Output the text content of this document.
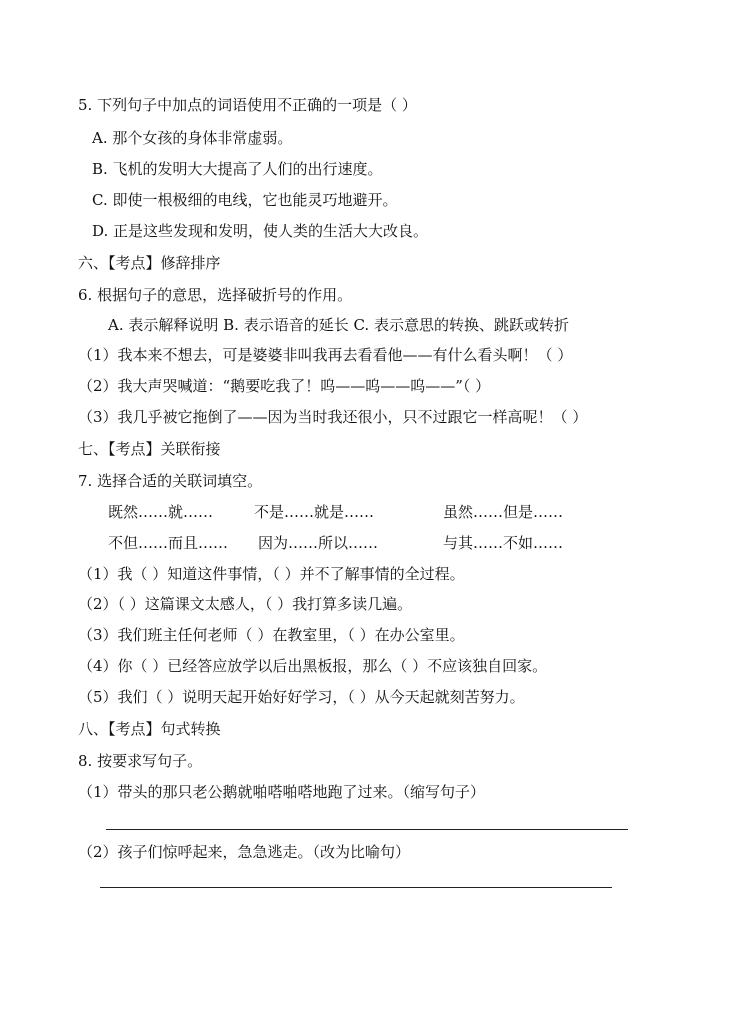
5. 下列句子中加点的词语使用不正确的一项是（ ）
A. 那个女孩的身体非常虚弱。
B. 飞机的发明大大提高了人们的出行速度。
C. 即使一根极细的电线，它也能灵巧地避开。
D. 正是这些发现和发明，使人类的生活大大改良。
六、【考点】修辞排序
6. 根据句子的意思，选择破折号的作用。
A. 表示解释说明 B. 表示语音的延长 C. 表示意思的转换、跳跃或转折
（1）我本来不想去，可是婆婆非叫我再去看看他——有什么看头啊！（ ）
（2）我大声哭喊道：“鹅要吃我了！呜——呜——呜——”（ ）
（3）我几乎被它拖倒了——因为当时我还很小，只不过跟它一样高呢！（ ）
七、【考点】关联衔接
7. 选择合适的关联词填空。
既然……就……	不是……就是……	虽然……但是……
不但……而且…… 因为……所以……	与其……不如……
（1）我（ ）知道这件事情，（ ）并不了解事情的全过程。
（2）（ ）这篇课文太感人，（ ）我打算多读几遍。
（3）我们班主任何老师（ ）在教室里，（ ）在办公室里。
（4）你（ ）已经答应放学以后出黑板报，那么（ ）不应该独自回家。
（5）我们（ ）说明天起开始好好学习，（ ）从今天起就刻苦努力。
八、【考点】句式转换
8. 按要求写句子。
（1）带头的那只老公鹅就啪嗒啪嗒地跑了过来。（缩写句子）
（2）孩子们惊呼起来，急急逃走。（改为比喻句）
